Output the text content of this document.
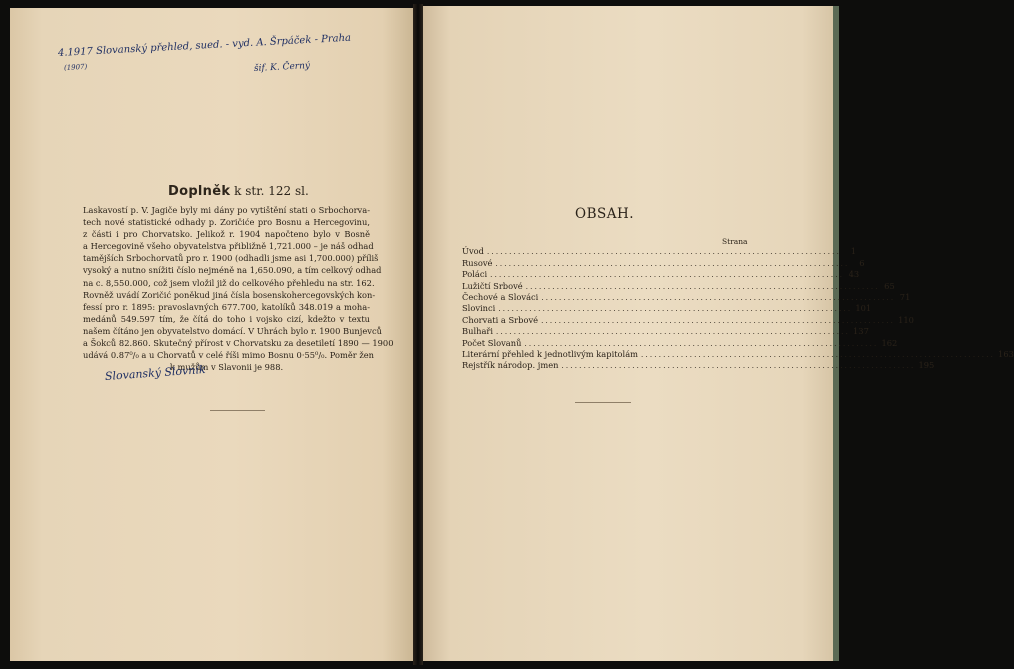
4.1917 Slovanský přehled, sued. - vyd. A. Šrpáček - Praha
(1907)	šif. K. Černý
Doplněk k str. 122 sl.
Laskavostí p. V. Jagiče byly mi dány po vytištění stati o Srbochorva-
tech nové statistické odhady p. Zoričiće pro Bosnu a Hercegovinu,
z části i pro Chorvatsko. Jelikož r. 1904 napočteno bylo v Bosně
a Hercegovině všeho obyvatelstva přibližně 1,721.000 – je náš odhad
tamějších Srbochorvatů pro r. 1900 (odhadli jsme asi 1,700.000) příliš
vysoký a nutno snížiti číslo nejméně na 1,650.090, a tím celkový odhad
na c. 8,550.000, což jsem vložil již do celkového přehledu na str. 162.
Rovněž uvádí Zoričić poněkud jiná čísla bosenskohercegovských kon-
fessí pro r. 1895: pravoslavných 677.700, katolíků 348.019 a moha-
medánů 549.597 tím, že čítá do toho i vojsko cizí, kdežto v textu
našem čítáno jen obyvatelstvo domácí. V Uhrách bylo r. 1900 Bunjevců
a Šokců 82.860. Skutečný přírost v Chorvatsku za desetiletí 1890 — 1900
udává 0.87⁰/₀ a u Chorvatů v celé říši mimo Bosnu 0·55⁰/₀. Poměr žen
k mužům v Slavonii je 988.
Slovanský Slovník
OBSAH.
Strana
Úvod ................................................................................	1
Rusové ................................................................................	6
Poláci ................................................................................ 43
Lužičtí Srbové ................................................................................ 65
Čechové a Slováci ................................................................................ 71
Slovinci ................................................................................ 101
Chorvati a Srbové ................................................................................ 110
Bulhaři ................................................................................ 137
Počet Slovanů ................................................................................ 162
Literární přehled k jednotlivým kapitolám ................................................................................ 163
Rejstřík národop. jmen ................................................................................ 195
